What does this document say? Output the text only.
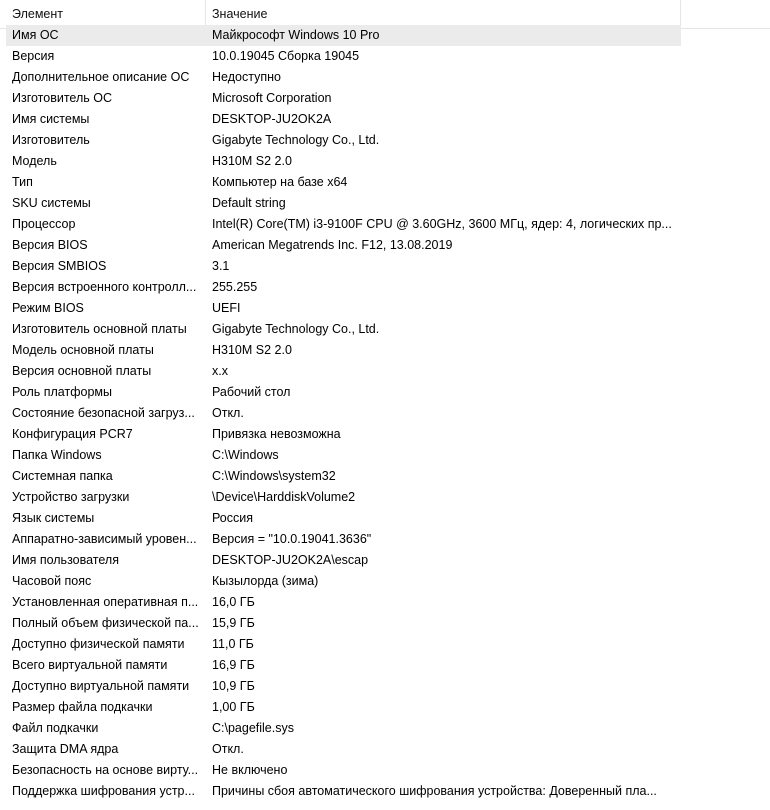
Элемент	Значение
Имя ОС	Майкрософт Windows 10 Pro
Версия	10.0.19045 Сборка 19045
Дополнительное описание ОС	Недоступно
Изготовитель ОС	Microsoft Corporation
Имя системы	DESKTOP-JU2OK2A
Изготовитель	Gigabyte Technology Co., Ltd.
Модель	H310M S2 2.0
Тип	Компьютер на базе x64
SKU системы	Default string
Процессор	Intel(R) Core(TM) i3-9100F CPU @ 3.60GHz, 3600 МГц, ядер: 4, логических пр...
Версия BIOS	American Megatrends Inc. F12, 13.08.2019
Версия SMBIOS	3.1
Версия встроенного контролл...	255.255
Режим BIOS	UEFI
Изготовитель основной платы	Gigabyte Technology Co., Ltd.
Модель основной платы	H310M S2 2.0
Версия основной платы	x.x
Роль платформы	Рабочий стол
Состояние безопасной загруз...	Откл.
Конфигурация PCR7	Привязка невозможна
Папка Windows	C:\Windows
Системная папка	C:\Windows\system32
Устройство загрузки	\Device\HarddiskVolume2
Язык системы	Россия
Аппаратно-зависимый уровен...	Версия = "10.0.19041.3636"
Имя пользователя	DESKTOP-JU2OK2A\escap
Часовой пояс	Кызылорда (зима)
Установленная оперативная п...	16,0 ГБ
Полный объем физической па...	15,9 ГБ
Доступно физической памяти	11,0 ГБ
Всего виртуальной памяти	16,9 ГБ
Доступно виртуальной памяти	10,9 ГБ
Размер файла подкачки	1,00 ГБ
Файл подкачки	C:\pagefile.sys
Защита DMA ядра	Откл.
Безопасность на основе вирту...	Не включено
Поддержка шифрования устр...	Причины сбоя автоматического шифрования устройства: Доверенный пла...
